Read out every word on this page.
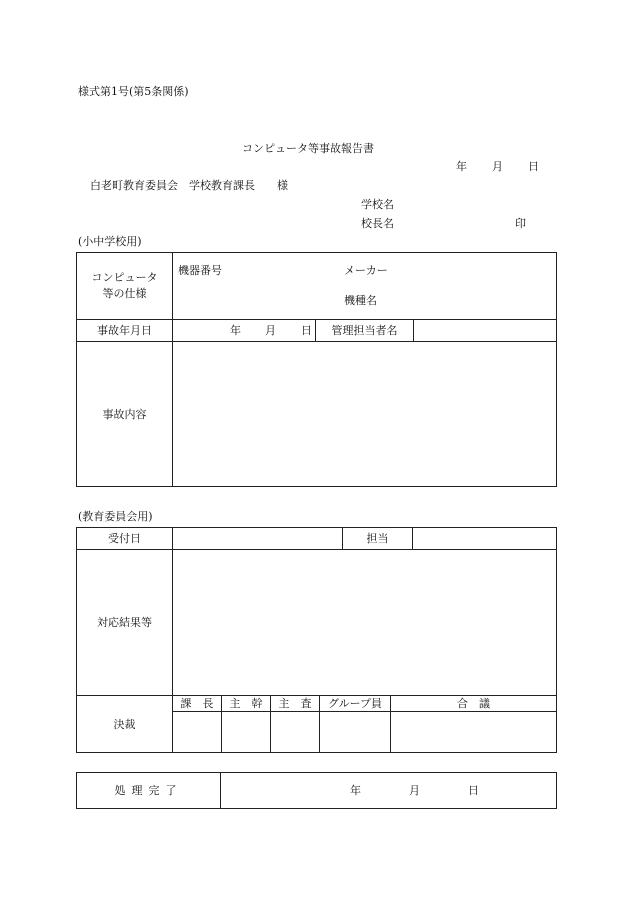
様式第1号(第5条関係)
コンピュータ等事故報告書
年 月 日
白老町教育委員会　学校教育課長　　様
学校名
校長名	印
(小中学校用)
コンピュータ
等の仕様	機器番号 メーカー
機種名		

事故年月日	年 月 日	管理担当者名	
事故内容			
(教育委員会用)
受付日					担当		
対応結果等							
決裁	課　長	主　幹	主　査	グループ員		合　議	

処理完了	年	月	日
